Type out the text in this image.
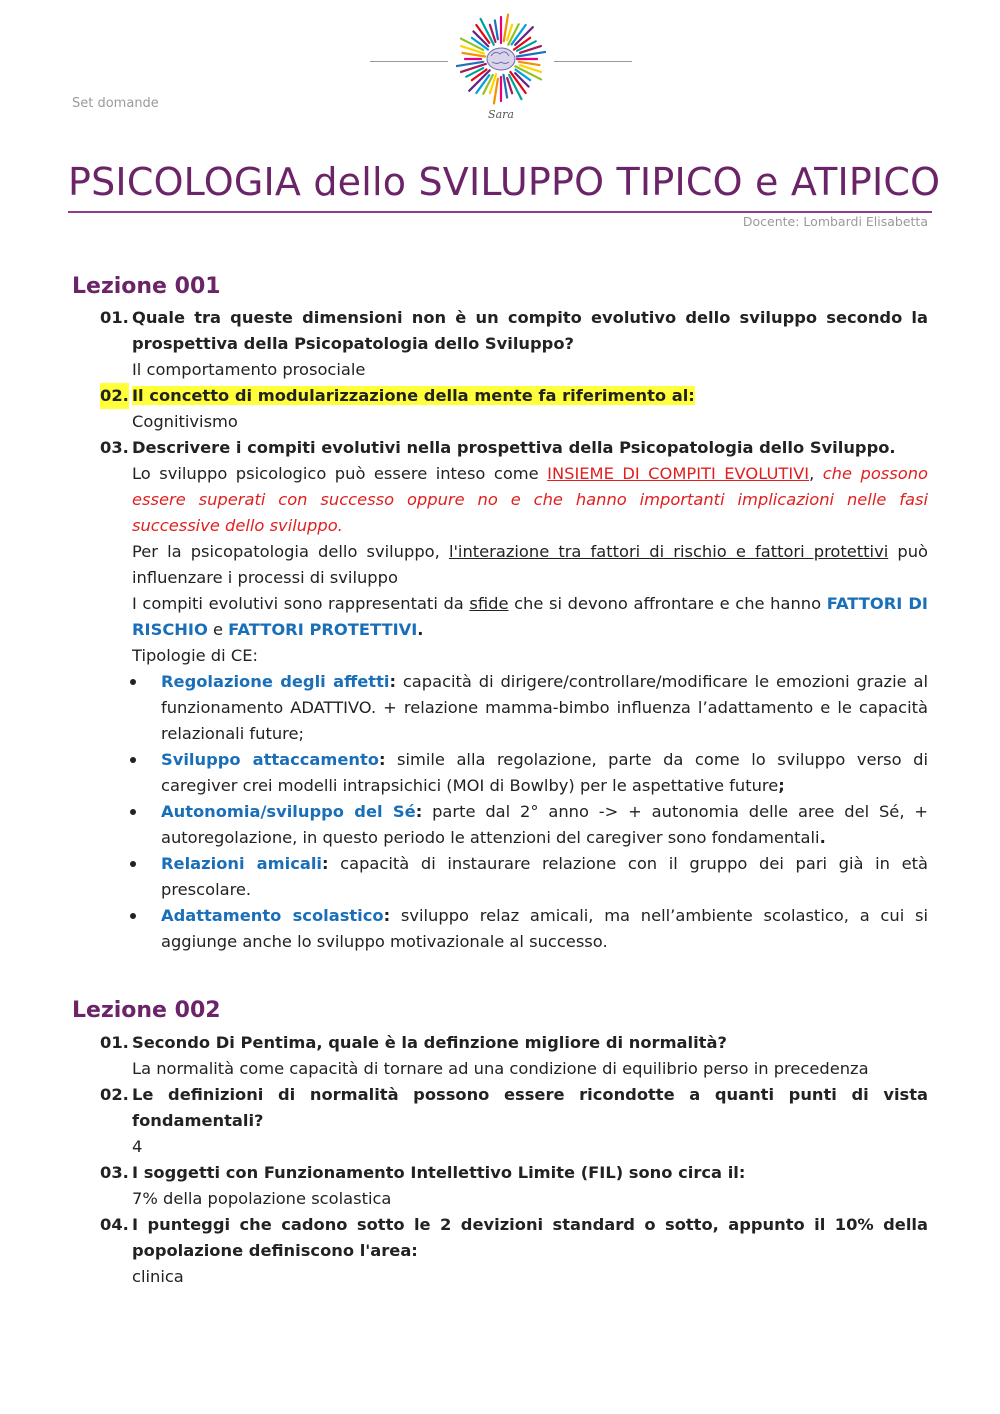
Set domande
Sara
PSICOLOGIA dello SVILUPPO TIPICO e ATIPICO
Docente: Lombardi Elisabetta
Lezione 001
01. Quale tra queste dimensioni non è un compito evolutivo dello sviluppo secondo la prospettiva della Psicopatologia dello Sviluppo?
Il comportamento prosociale
02. Il concetto di modularizzazione della mente fa riferimento al:
Cognitivismo
03. Descrivere i compiti evolutivi nella prospettiva della Psicopatologia dello Sviluppo.
Lo sviluppo psicologico può essere inteso come INSIEME DI COMPITI EVOLUTIVI, che possono essere superati con successo oppure no e che hanno importanti implicazioni nelle fasi successive dello sviluppo.
Per la psicopatologia dello sviluppo, l'interazione tra fattori di rischio e fattori protettivi può influenzare i processi di sviluppo
I compiti evolutivi sono rappresentati da sfide che si devono affrontare e che hanno FATTORI DI RISCHIO e FATTORI PROTETTIVI.
Tipologie di CE:
Regolazione degli affetti: capacità di dirigere/controllare/modificare le emozioni grazie al funzionamento ADATTIVO. + relazione mamma-bimbo influenza l’adattamento e le capacità relazionali future;
Sviluppo attaccamento: simile alla regolazione, parte da come lo sviluppo verso di caregiver crei modelli intrapsichici (MOI di Bowlby) per le aspettative future;
Autonomia/sviluppo del Sé: parte dal 2° anno -> + autonomia delle aree del Sé, + autoregolazione, in questo periodo le attenzioni del caregiver sono fondamentali.
Relazioni amicali: capacità di instaurare relazione con il gruppo dei pari già in età prescolare.
Adattamento scolastico: sviluppo relaz amicali, ma nell’ambiente scolastico, a cui si aggiunge anche lo sviluppo motivazionale al successo.
Lezione 002
01. Secondo Di Pentima, quale è la definzione migliore di normalità?
La normalità come capacità di tornare ad una condizione di equilibrio perso in precedenza
02. Le definizioni di normalità possono essere ricondotte a quanti punti di vista fondamentali?
4
03. I soggetti con Funzionamento Intellettivo Limite (FIL) sono circa il:
7% della popolazione scolastica
04. I punteggi che cadono sotto le 2 devizioni standard o sotto, appunto il 10% della popolazione definiscono l'area:
clinica
